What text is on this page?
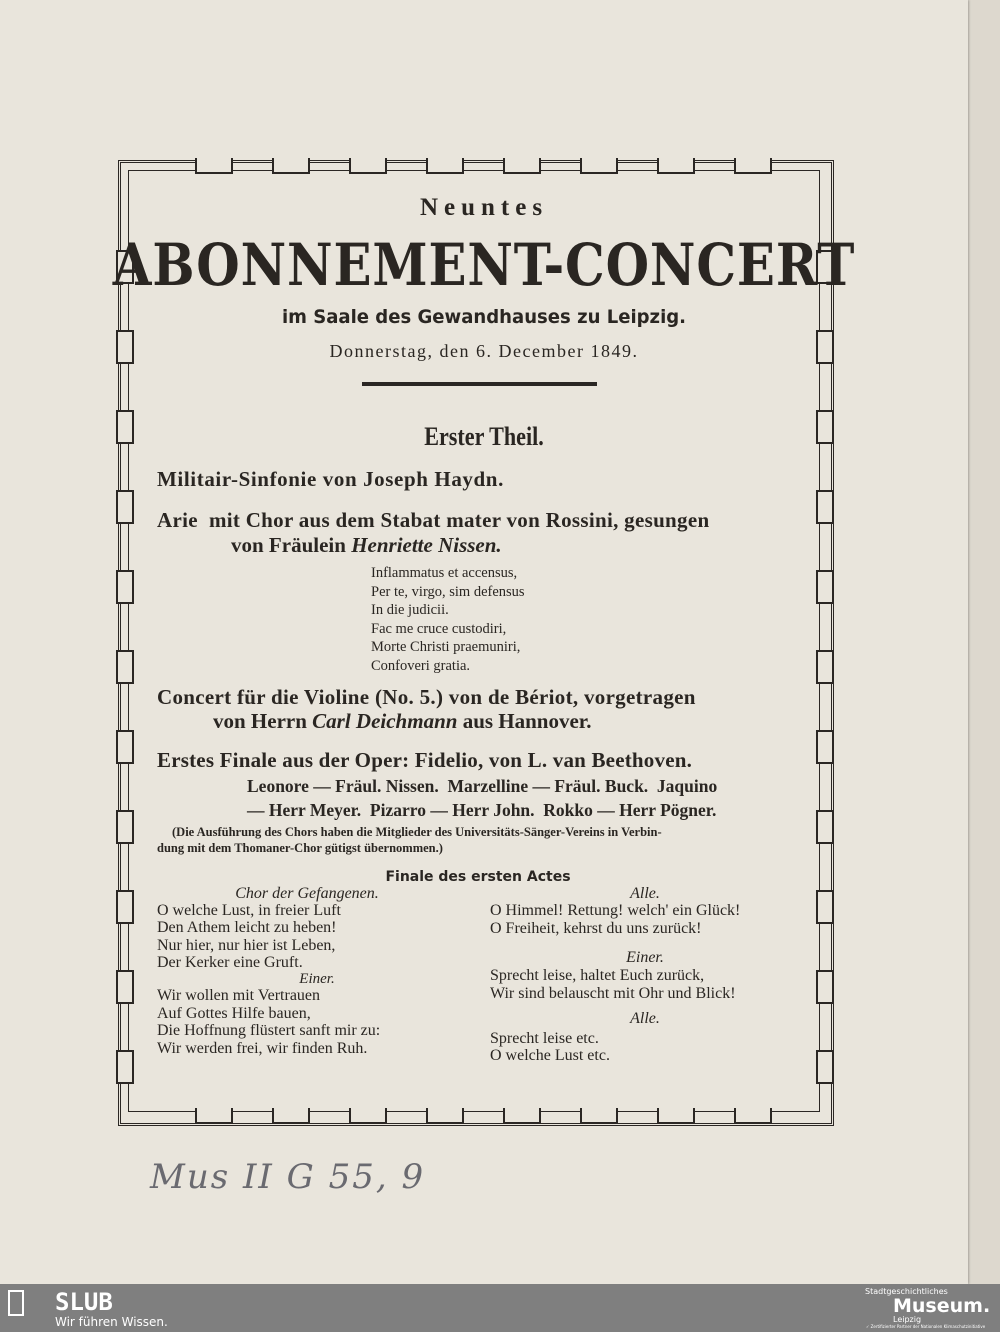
Neuntes
ABONNEMENT-CONCERT
im Saale des Gewandhauses zu Leipzig.
Donnerstag, den 6. December 1849.
Erster Theil.
Militair-Sinfonie von Joseph Haydn.
Arie  mit Chor aus dem Stabat mater von Rossini, gesungen
von Fräulein Henriette Nissen.
Inflammatus et accensus,
Per te, virgo, sim defensus
In die judicii.
Fac me cruce custodiri,
Morte Christi praemuniri,
Confoveri gratia.
Concert für die Violine (No. 5.) von de Bériot, vorgetragen
von Herrn Carl Deichmann aus Hannover.
Erstes Finale aus der Oper: Fidelio, von L. van Beethoven.
Leonore — Fräul. Nissen.  Marzelline — Fräul. Buck.  Jaquino
— Herr Meyer.  Pizarro — Herr John.  Rokko — Herr Pögner.
(Die Ausführung des Chors haben die Mitglieder des Universitäts-Sänger-Vereins in Verbin-
dung mit dem Thomaner-Chor gütigst übernommen.)
Finale des ersten Actes
Chor der Gefangenen.
O welche Lust, in freier Luft
Den Athem leicht zu heben!
Nur hier, nur hier ist Leben,
Der Kerker eine Gruft.
Einer.
Wir wollen mit Vertrauen
Auf Gottes Hilfe bauen,
Die Hoffnung flüstert sanft mir zu:
Wir werden frei, wir finden Ruh.
Alle.
O Himmel! Rettung! welch' ein Glück!
O Freiheit, kehrst du uns zurück!
Einer.
Sprecht leise, haltet Euch zurück,
Wir sind belauscht mit Ohr und Blick!
Alle.
Sprecht leise etc.
O welche Lust etc.
Mus II G 55, 9
SLUB
Wir führen Wissen.
Stadtgeschichtliches
Museum.
Leipzig
✓ Zertifizierter Partner der Nationalen Klimaschutzinitiative
